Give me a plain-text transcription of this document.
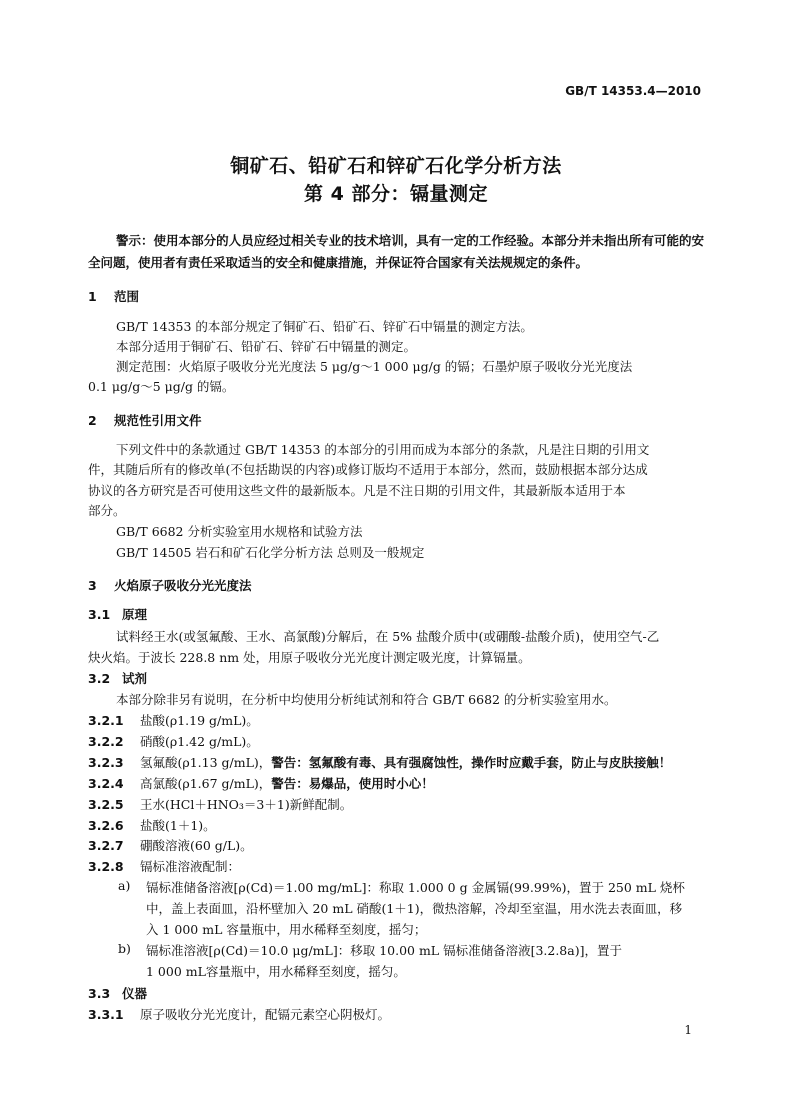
GB/T 14353.4—2010
铜矿石、铅矿石和锌矿石化学分析方法
第 4 部分：镉量测定

警示：使用本部分的人员应经过相关专业的技术培训，具有一定的工作经验。本部分并未指出所有可能的安全问题，使用者有责任采取适当的安全和健康措施，并保证符合国家有关法规规定的条件。

1 范围
GB/T 14353 的本部分规定了铜矿石、铅矿石、锌矿石中镉量的测定方法。
本部分适用于铜矿石、铅矿石、锌矿石中镉量的测定。
测定范围：火焰原子吸收分光光度法 5 μg/g～1 000 μg/g 的镉；石墨炉原子吸收分光光度法
0.1 μg/g～5 μg/g 的镉。
2 规范性引用文件
下列文件中的条款通过 GB/T 14353 的本部分的引用而成为本部分的条款，凡是注日期的引用文
件，其随后所有的修改单(不包括勘误的内容)或修订版均不适用于本部分，然而，鼓励根据本部分达成
协议的各方研究是否可使用这些文件的最新版本。凡是不注日期的引用文件，其最新版本适用于本
部分。
GB/T 6682 分析实验室用水规格和试验方法
GB/T 14505 岩石和矿石化学分析方法 总则及一般规定
3 火焰原子吸收分光光度法
3.1 原理
试料经王水(或氢氟酸、王水、高氯酸)分解后，在 5% 盐酸介质中(或硼酸-盐酸介质)，使用空气-乙
炔火焰。于波长 228.8 nm 处，用原子吸收分光光度计测定吸光度，计算镉量。
3.2 试剂
本部分除非另有说明，在分析中均使用分析纯试剂和符合 GB/T 6682 的分析实验室用水。
3.2.1 盐酸(ρ1.19 g/mL)。
3.2.2 硝酸(ρ1.42 g/mL)。
3.2.3 氢氟酸(ρ1.13 g/mL)，警告：氢氟酸有毒、具有强腐蚀性，操作时应戴手套，防止与皮肤接触！
3.2.4 高氯酸(ρ1.67 g/mL)，警告：易爆品，使用时小心！
3.2.5 王水(HCl＋HNO₃＝3＋1)新鲜配制。
3.2.6 盐酸(1＋1)。
3.2.7 硼酸溶液(60 g/L)。
3.2.8 镉标准溶液配制：
a) 镉标准储备溶液[ρ(Cd)＝1.00 mg/mL]：称取 1.000 0 g 金属镉(99.99%)，置于 250 mL 烧杯
中，盖上表面皿，沿杯壁加入 20 mL 硝酸(1＋1)，微热溶解，冷却至室温，用水洗去表面皿，移
入 1 000 mL 容量瓶中，用水稀释至刻度，摇匀；
b) 镉标准溶液[ρ(Cd)＝10.0 μg/mL]：移取 10.00 mL 镉标准储备溶液[3.2.8a)]，置于
1 000 mL容量瓶中，用水稀释至刻度，摇匀。
3.3 仪器
3.3.1 原子吸收分光光度计，配镉元素空心阴极灯。
1
